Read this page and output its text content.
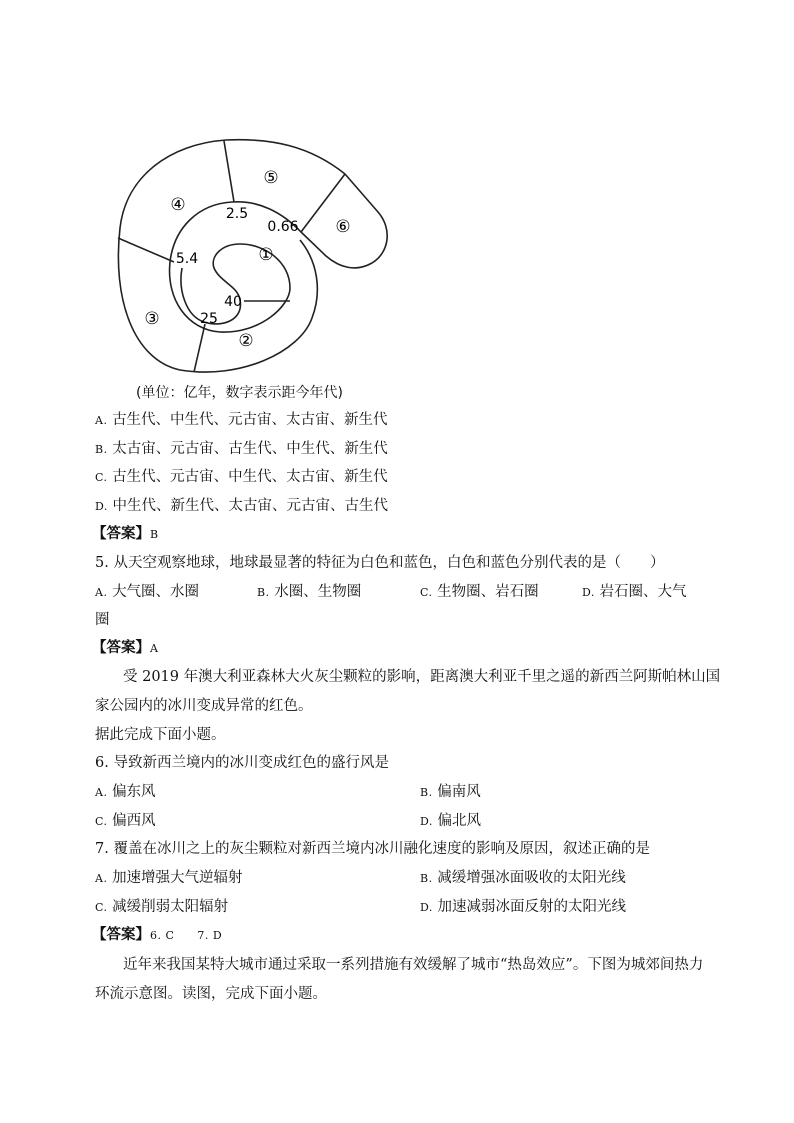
⑤
④
⑥
①
③
②
2.5
0.66
5.4
40
25
(单位：亿年，数字表示距今年代)
A. 古生代、中生代、元古宙、太古宙、新生代
B. 太古宙、元古宙、古生代、中生代、新生代
C. 古生代、元古宙、中生代、太古宙、新生代
D. 中生代、新生代、太古宙、元古宙、古生代
【答案】B
5. 从天空观察地球，地球最显著的特征为白色和蓝色，白色和蓝色分别代表的是（　　）
A. 大气圈、水圈	B. 水圈、生物圈	C. 生物圈、岩石圈	D. 岩石圈、大气
圈
【答案】A
受 2019 年澳大利亚森林大火灰尘颗粒的影响，距离澳大利亚千里之遥的新西兰阿斯帕林山国
家公园内的冰川变成异常的红色。
据此完成下面小题。
6. 导致新西兰境内的冰川变成红色的盛行风是
A. 偏东风	B. 偏南风
C. 偏西风	D. 偏北风
7. 覆盖在冰川之上的灰尘颗粒对新西兰境内冰川融化速度的影响及原因，叙述正确的是
A. 加速增强大气逆辐射	B. 减缓增强冰面吸收的太阳光线
C. 减缓削弱太阳辐射	D. 加速减弱冰面反射的太阳光线
【答案】6. C　　7. D
近年来我国某特大城市通过采取一系列措施有效缓解了城市“热岛效应”。下图为城郊间热力
环流示意图。读图，完成下面小题。
